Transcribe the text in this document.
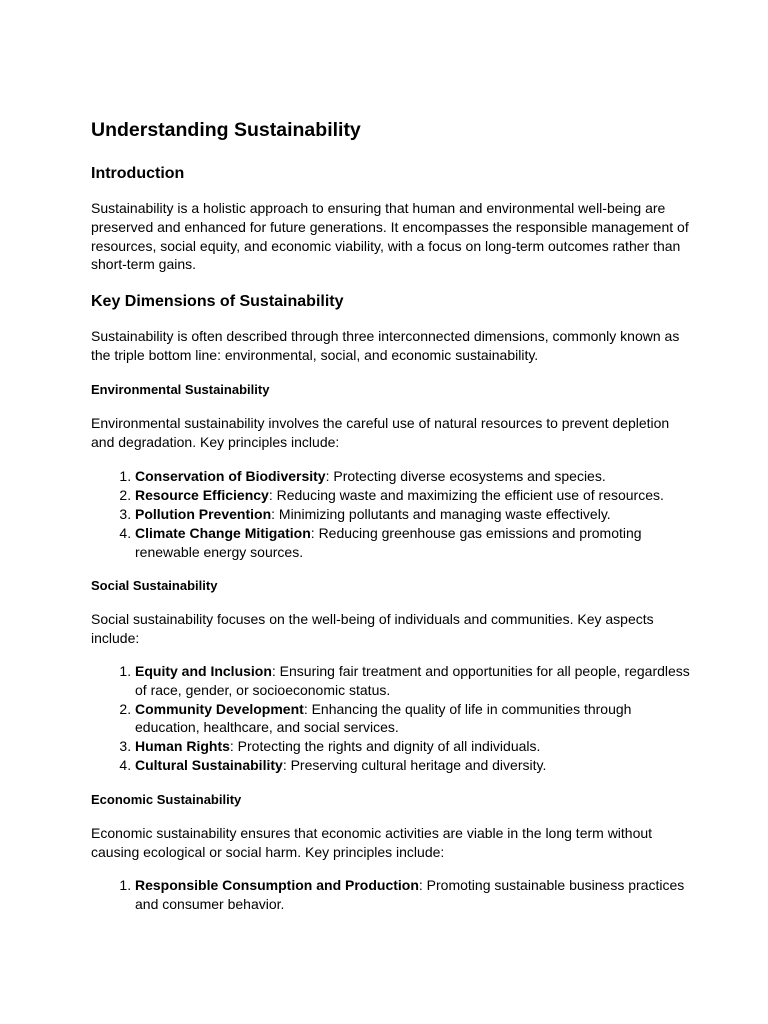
Understanding Sustainability
Introduction

Sustainability is a holistic approach to ensuring that human and environmental well-being are preserved and enhanced for future generations. It encompasses the responsible management of resources, social equity, and economic viability, with a focus on long-term outcomes rather than short-term gains.

Key Dimensions of Sustainability

Sustainability is often described through three interconnected dimensions, commonly known as the triple bottom line: environmental, social, and economic sustainability.

Environmental Sustainability

Environmental sustainability involves the careful use of natural resources to prevent depletion and degradation. Key principles include:

1. Conservation of Biodiversity: Protecting diverse ecosystems and species.
2. Resource Efficiency: Reducing waste and maximizing the efficient use of resources.
3. Pollution Prevention: Minimizing pollutants and managing waste effectively.
4. Climate Change Mitigation: Reducing greenhouse gas emissions and promoting renewable energy sources.
Social Sustainability

Social sustainability focuses on the well-being of individuals and communities. Key aspects include:

1. Equity and Inclusion: Ensuring fair treatment and opportunities for all people, regardless of race, gender, or socioeconomic status.
2. Community Development: Enhancing the quality of life in communities through education, healthcare, and social services.
3. Human Rights: Protecting the rights and dignity of all individuals.
4. Cultural Sustainability: Preserving cultural heritage and diversity.
Economic Sustainability

Economic sustainability ensures that economic activities are viable in the long term without causing ecological or social harm. Key principles include:

1. Responsible Consumption and Production: Promoting sustainable business practices and consumer behavior.
